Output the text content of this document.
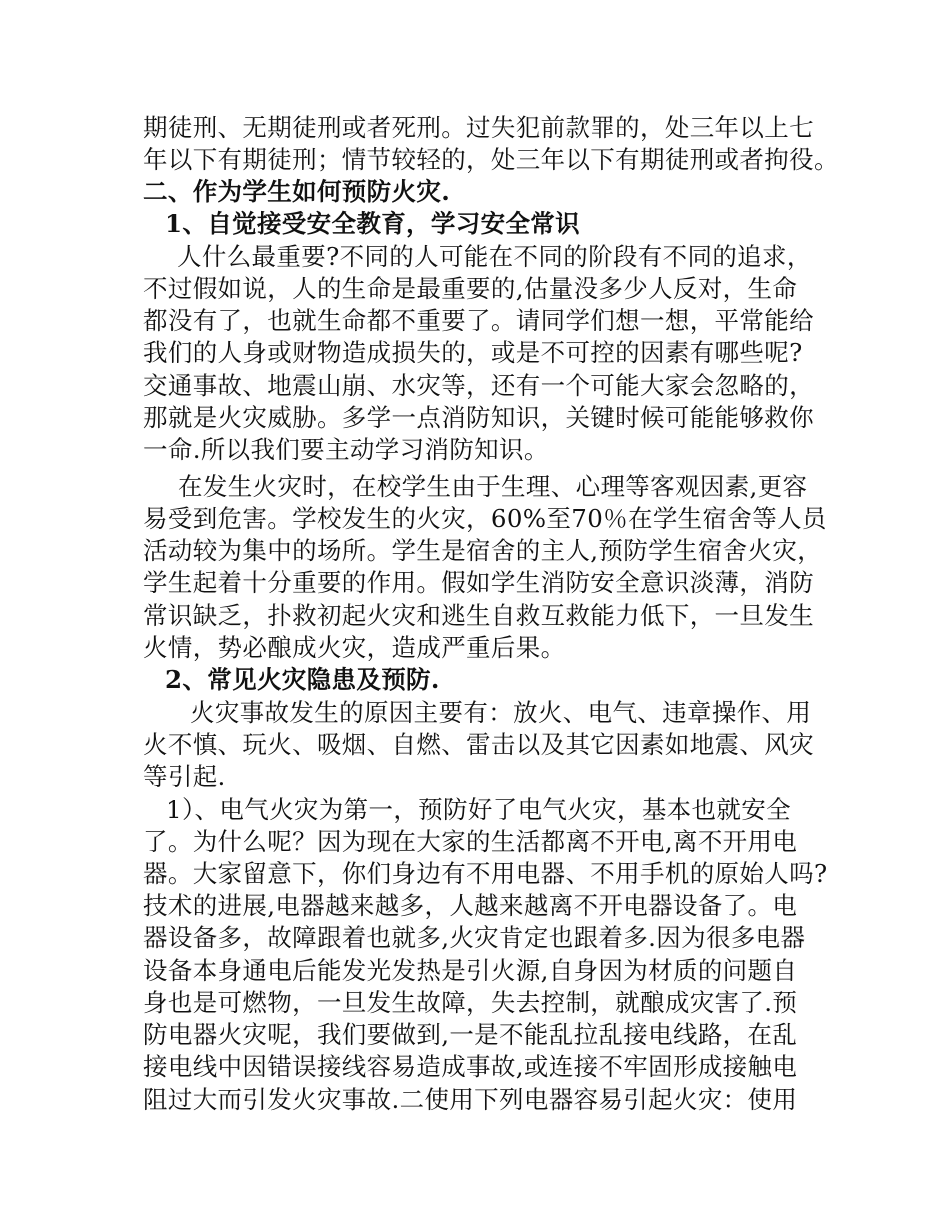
期徒刑、无期徒刑或者死刑。过失犯前款罪的，处三年以上七
年以下有期徒刑；情节较轻的，处三年以下有期徒刑或者拘役。
二、作为学生如何预防火灾.
1、自觉接受安全教育，学习安全常识
人什么最重要?不同的人可能在不同的阶段有不同的追求，
不过假如说，人的生命是最重要的,估量没多少人反对，生命
都没有了，也就生命都不重要了。请同学们想一想，平常能给
我们的人身或财物造成损失的，或是不可控的因素有哪些呢?
交通事故、地震山崩、水灾等，还有一个可能大家会忽略的，
那就是火灾威胁。多学一点消防知识，关键时候可能能够救你
一命.所以我们要主动学习消防知识。
在发生火灾时，在校学生由于生理、心理等客观因素,更容
易受到危害。学校发生的火灾，60%至70％在学生宿舍等人员
活动较为集中的场所。学生是宿舍的主人,预防学生宿舍火灾，
学生起着十分重要的作用。假如学生消防安全意识淡薄，消防
常识缺乏，扑救初起火灾和逃生自救互救能力低下，一旦发生
火情，势必酿成火灾，造成严重后果。
2、常见火灾隐患及预防.
火灾事故发生的原因主要有：放火、电气、违章操作、用
火不慎、玩火、吸烟、自燃、雷击以及其它因素如地震、风灾
等引起.
1）、电气火灾为第一，预防好了电气火灾，基本也就安全
了。为什么呢？因为现在大家的生活都离不开电,离不开用电
器。大家留意下，你们身边有不用电器、不用手机的原始人吗?
技术的进展,电器越来越多，人越来越离不开电器设备了。电
器设备多，故障跟着也就多,火灾肯定也跟着多.因为很多电器
设备本身通电后能发光发热是引火源,自身因为材质的问题自
身也是可燃物，一旦发生故障，失去控制，就酿成灾害了.预
防电器火灾呢，我们要做到,一是不能乱拉乱接电线路，在乱
接电线中因错误接线容易造成事故,或连接不牢固形成接触电
阻过大而引发火灾事故.二使用下列电器容易引起火灾：使用
